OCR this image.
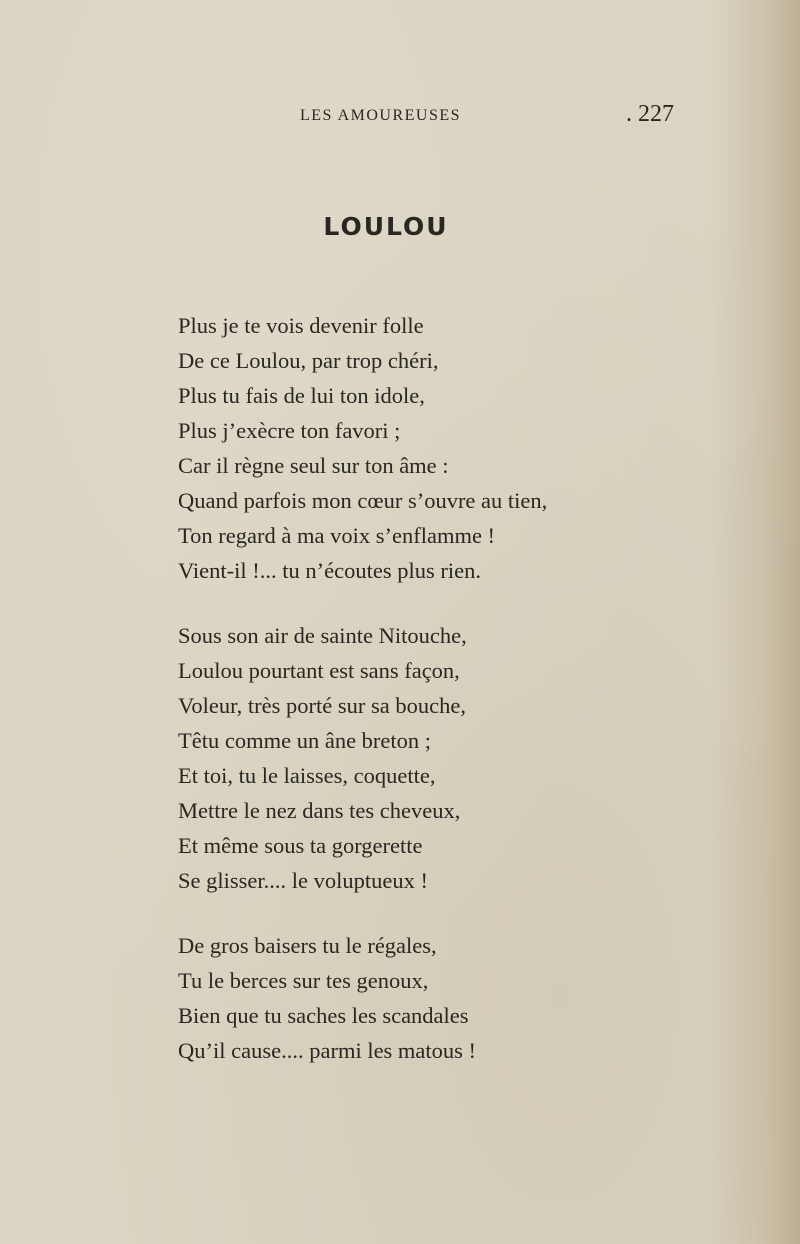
LES AMOUREUSES	. 227
LOULOU
Plus je te vois devenir folle
De ce Loulou, par trop chéri,
Plus tu fais de lui ton idole,
Plus j’exècre ton favori ;
Car il règne seul sur ton âme :
Quand parfois mon cœur s’ouvre au tien,
Ton regard à ma voix s’enflamme !
Vient-il !... tu n’écoutes plus rien.
Sous son air de sainte Nitouche,
Loulou pourtant est sans façon,
Voleur, très porté sur sa bouche,
Têtu comme un âne breton ;
Et toi, tu le laisses, coquette,
Mettre le nez dans tes cheveux,
Et même sous ta gorgerette
Se glisser.... le voluptueux !
De gros baisers tu le régales,
Tu le berces sur tes genoux,
Bien que tu saches les scandales
Qu’il cause.... parmi les matous !
